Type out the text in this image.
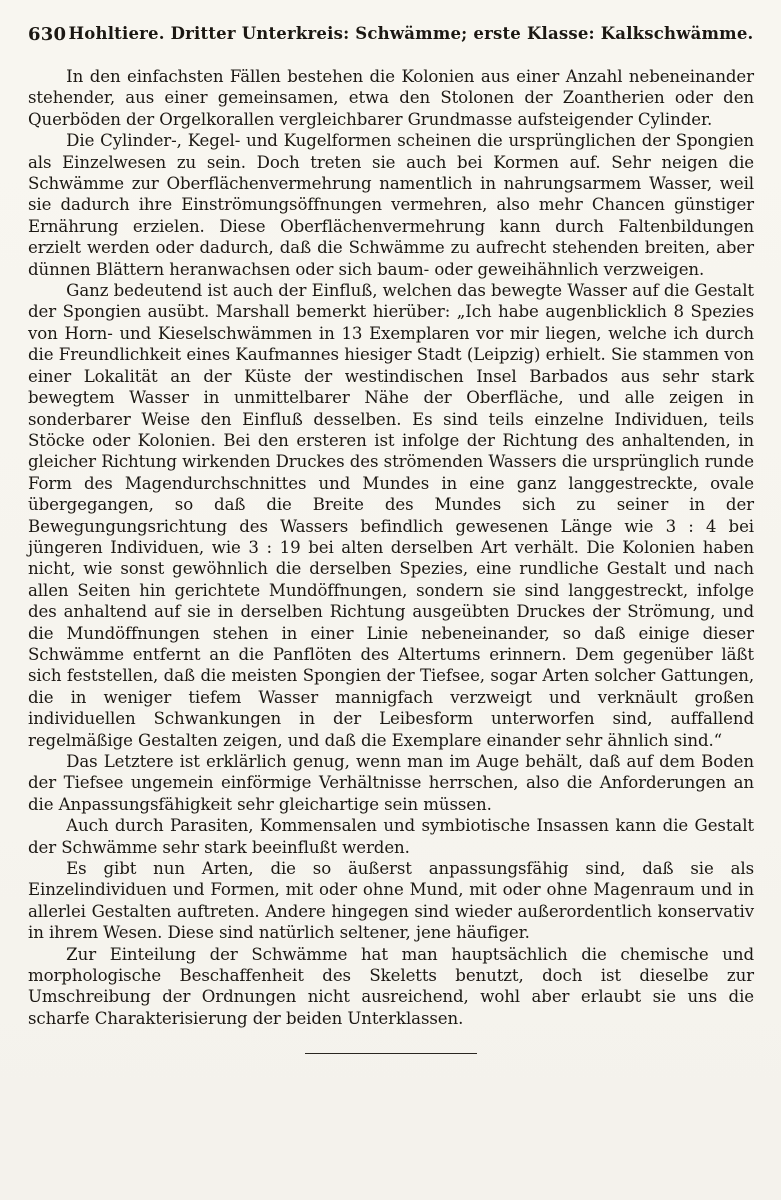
630 Hohltiere. Dritter Unterkreis: Schwämme; erste Klasse: Kalkschwämme.

In den einfachsten Fällen bestehen die Kolonien aus einer Anzahl nebeneinander stehender, aus einer gemeinsamen, etwa den Stolonen der Zoantherien oder den Querböden der Orgelkorallen vergleichbarer Grundmasse aufsteigender Cylinder.

Die Cylinder-, Kegel- und Kugelformen scheinen die ursprünglichen der Spongien als Einzelwesen zu sein. Doch treten sie auch bei Kormen auf. Sehr neigen die Schwämme zur Oberflächenvermehrung namentlich in nahrungsarmem Wasser, weil sie dadurch ihre Einströmungsöffnungen vermehren, also mehr Chancen günstiger Ernährung erzielen. Diese Oberflächenvermehrung kann durch Faltenbildungen erzielt werden oder dadurch, daß die Schwämme zu aufrecht stehenden breiten, aber dünnen Blättern heranwachsen oder sich baum- oder geweihähnlich verzweigen.

Ganz bedeutend ist auch der Einfluß, welchen das bewegte Wasser auf die Gestalt der Spongien ausübt. Marshall bemerkt hierüber: „Ich habe augenblicklich 8 Spezies von Horn- und Kieselschwämmen in 13 Exemplaren vor mir liegen, welche ich durch die Freundlichkeit eines Kaufmannes hiesiger Stadt (Leipzig) erhielt. Sie stammen von einer Lokalität an der Küste der westindischen Insel Barbados aus sehr stark bewegtem Wasser in unmittelbarer Nähe der Oberfläche, und alle zeigen in sonderbarer Weise den Einfluß desselben. Es sind teils einzelne Individuen, teils Stöcke oder Kolonien. Bei den ersteren ist infolge der Richtung des anhaltenden, in gleicher Richtung wirkenden Druckes des strömenden Wassers die ursprünglich runde Form des Magendurchschnittes und Mundes in eine ganz langgestreckte, ovale übergegangen, so daß die Breite des Mundes sich zu seiner in der Bewegungungsrichtung des Wassers befindlich gewesenen Länge wie 3 : 4 bei jüngeren Individuen, wie 3 : 19 bei alten derselben Art verhält. Die Kolonien haben nicht, wie sonst gewöhnlich die derselben Spezies, eine rundliche Gestalt und nach allen Seiten hin gerichtete Mundöffnungen, sondern sie sind langgestreckt, infolge des anhaltend auf sie in derselben Richtung ausgeübten Druckes der Strömung, und die Mundöffnungen stehen in einer Linie nebeneinander, so daß einige dieser Schwämme entfernt an die Panflöten des Altertums erinnern. Dem gegenüber läßt sich feststellen, daß die meisten Spongien der Tiefsee, sogar Arten solcher Gattungen, die in weniger tiefem Wasser mannigfach verzweigt und verknäult großen individuellen Schwankungen in der Leibesform unterworfen sind, auffallend regelmäßige Gestalten zeigen, und daß die Exemplare einander sehr ähnlich sind.“

Das Letztere ist erklärlich genug, wenn man im Auge behält, daß auf dem Boden der Tiefsee ungemein einförmige Verhältnisse herrschen, also die Anforderungen an die Anpassungsfähigkeit sehr gleichartige sein müssen.

Auch durch Parasiten, Kommensalen und symbiotische Insassen kann die Gestalt der Schwämme sehr stark beeinflußt werden.

Es gibt nun Arten, die so äußerst anpassungsfähig sind, daß sie als Einzelindividuen und Formen, mit oder ohne Mund, mit oder ohne Magenraum und in allerlei Gestalten auftreten. Andere hingegen sind wieder außerordentlich konservativ in ihrem Wesen. Diese sind natürlich seltener, jene häufiger.

Zur Einteilung der Schwämme hat man hauptsächlich die chemische und morphologische Beschaffenheit des Skeletts benutzt, doch ist dieselbe zur Umschreibung der Ordnungen nicht ausreichend, wohl aber erlaubt sie uns die scharfe Charakterisierung der beiden Unterklassen.
